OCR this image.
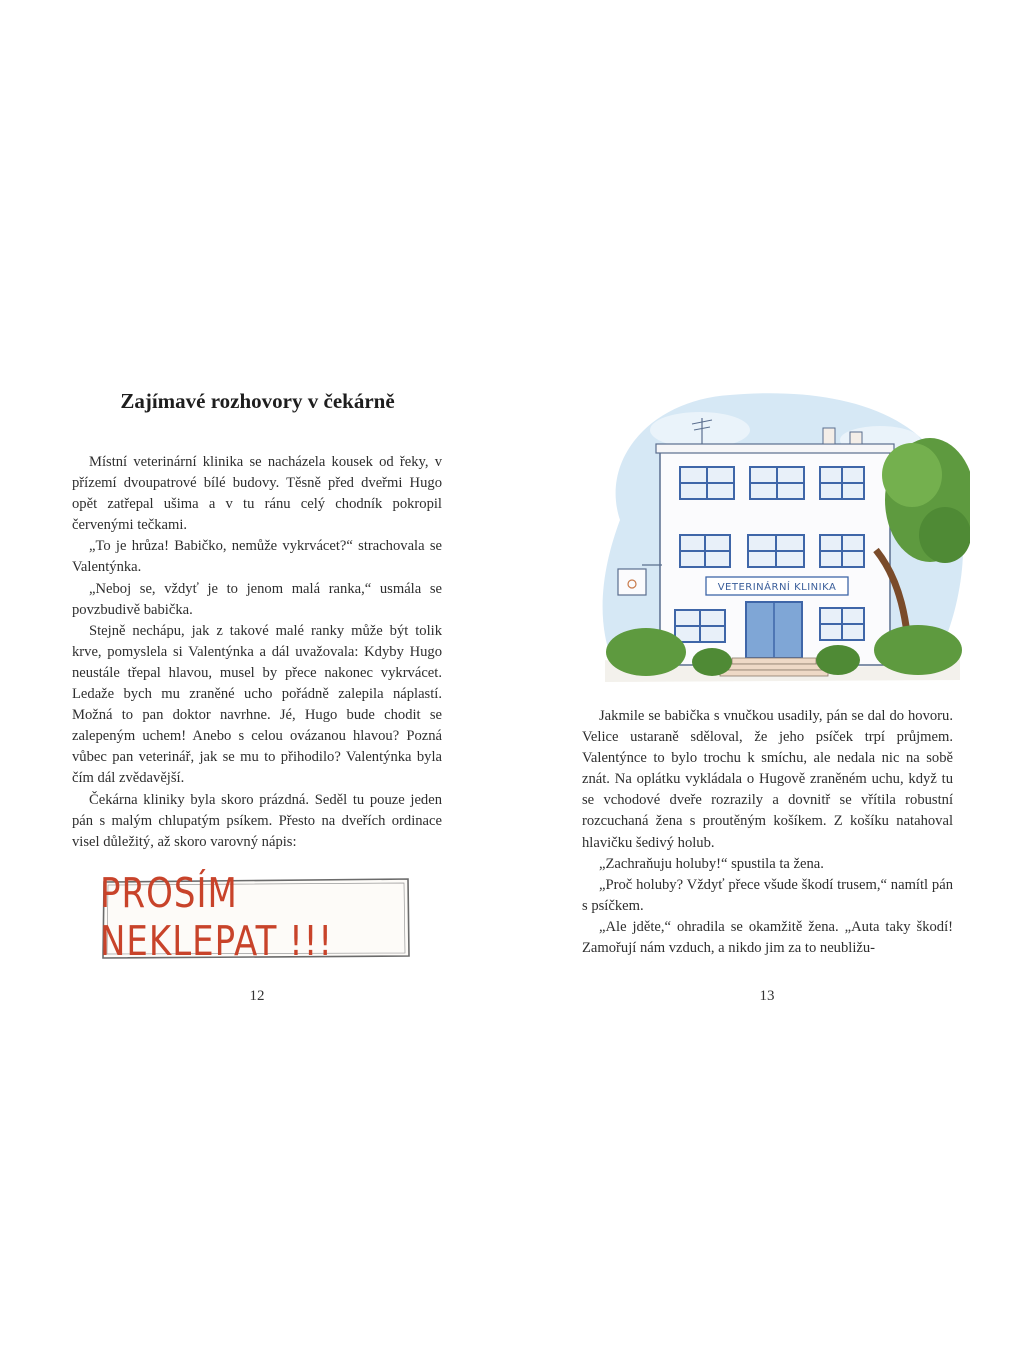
Zajímavé rozhovory v čekárně

Místní veterinární klinika se nacházela kousek od řeky, v přízemí dvoupatrové bílé budovy. Těsně před dveřmi Hugo opět zatřepal ušima a v tu ránu celý chodník pokropil červenými tečkami.

„To je hrůza! Babičko, nemůže vykrvácet?“ strachovala se Valentýnka.

„Neboj se, vždyť je to jenom malá ranka,“ usmála se povzbudivě babička.

Stejně nechápu, jak z takové malé ranky může být tolik krve, pomyslela si Valentýnka a dál uvažovala: Kdyby Hugo neustále třepal hlavou, musel by přece nakonec vykrvácet. Ledaže bych mu zraněné ucho pořádně zalepila náplastí. Možná to pan doktor navrhne. Jé, Hugo bude chodit se zalepeným uchem! Anebo s celou ovázanou hlavou? Pozná vůbec pan veterinář, jak se mu to přihodilo? Valentýnka byla čím dál zvědavější.

Čekárna kliniky byla skoro prázdná. Seděl tu pouze jeden pán s malým chlupatým psíkem. Přesto na dveřích ordinace visel důležitý, až skoro varovný nápis:

PROSÍM NEKLEPAT !!!
12
VETERINÁRNÍ KLINIKA

Jakmile se babička s vnučkou usadily, pán se dal do hovoru. Velice ustaraně sděloval, že jeho psíček trpí průjmem. Valentýnce to bylo trochu k smíchu, ale nedala nic na sobě znát. Na oplátku vykládala o Hugově zraněném uchu, když tu se vchodové dveře rozrazily a dovnitř se vřítila robustní rozcuchaná žena s proutěným košíkem. Z košíku natahoval hlavičku šedivý holub.

„Zachraňuju holuby!“ spustila ta žena.

„Proč holuby? Vždyť přece všude škodí trusem,“ namítl pán s psíčkem.

„Ale jděte,“ ohradila se okamžitě žena. „Auta taky škodí! Zamořují nám vzduch, a nikdo jim za to neubližu-

13
